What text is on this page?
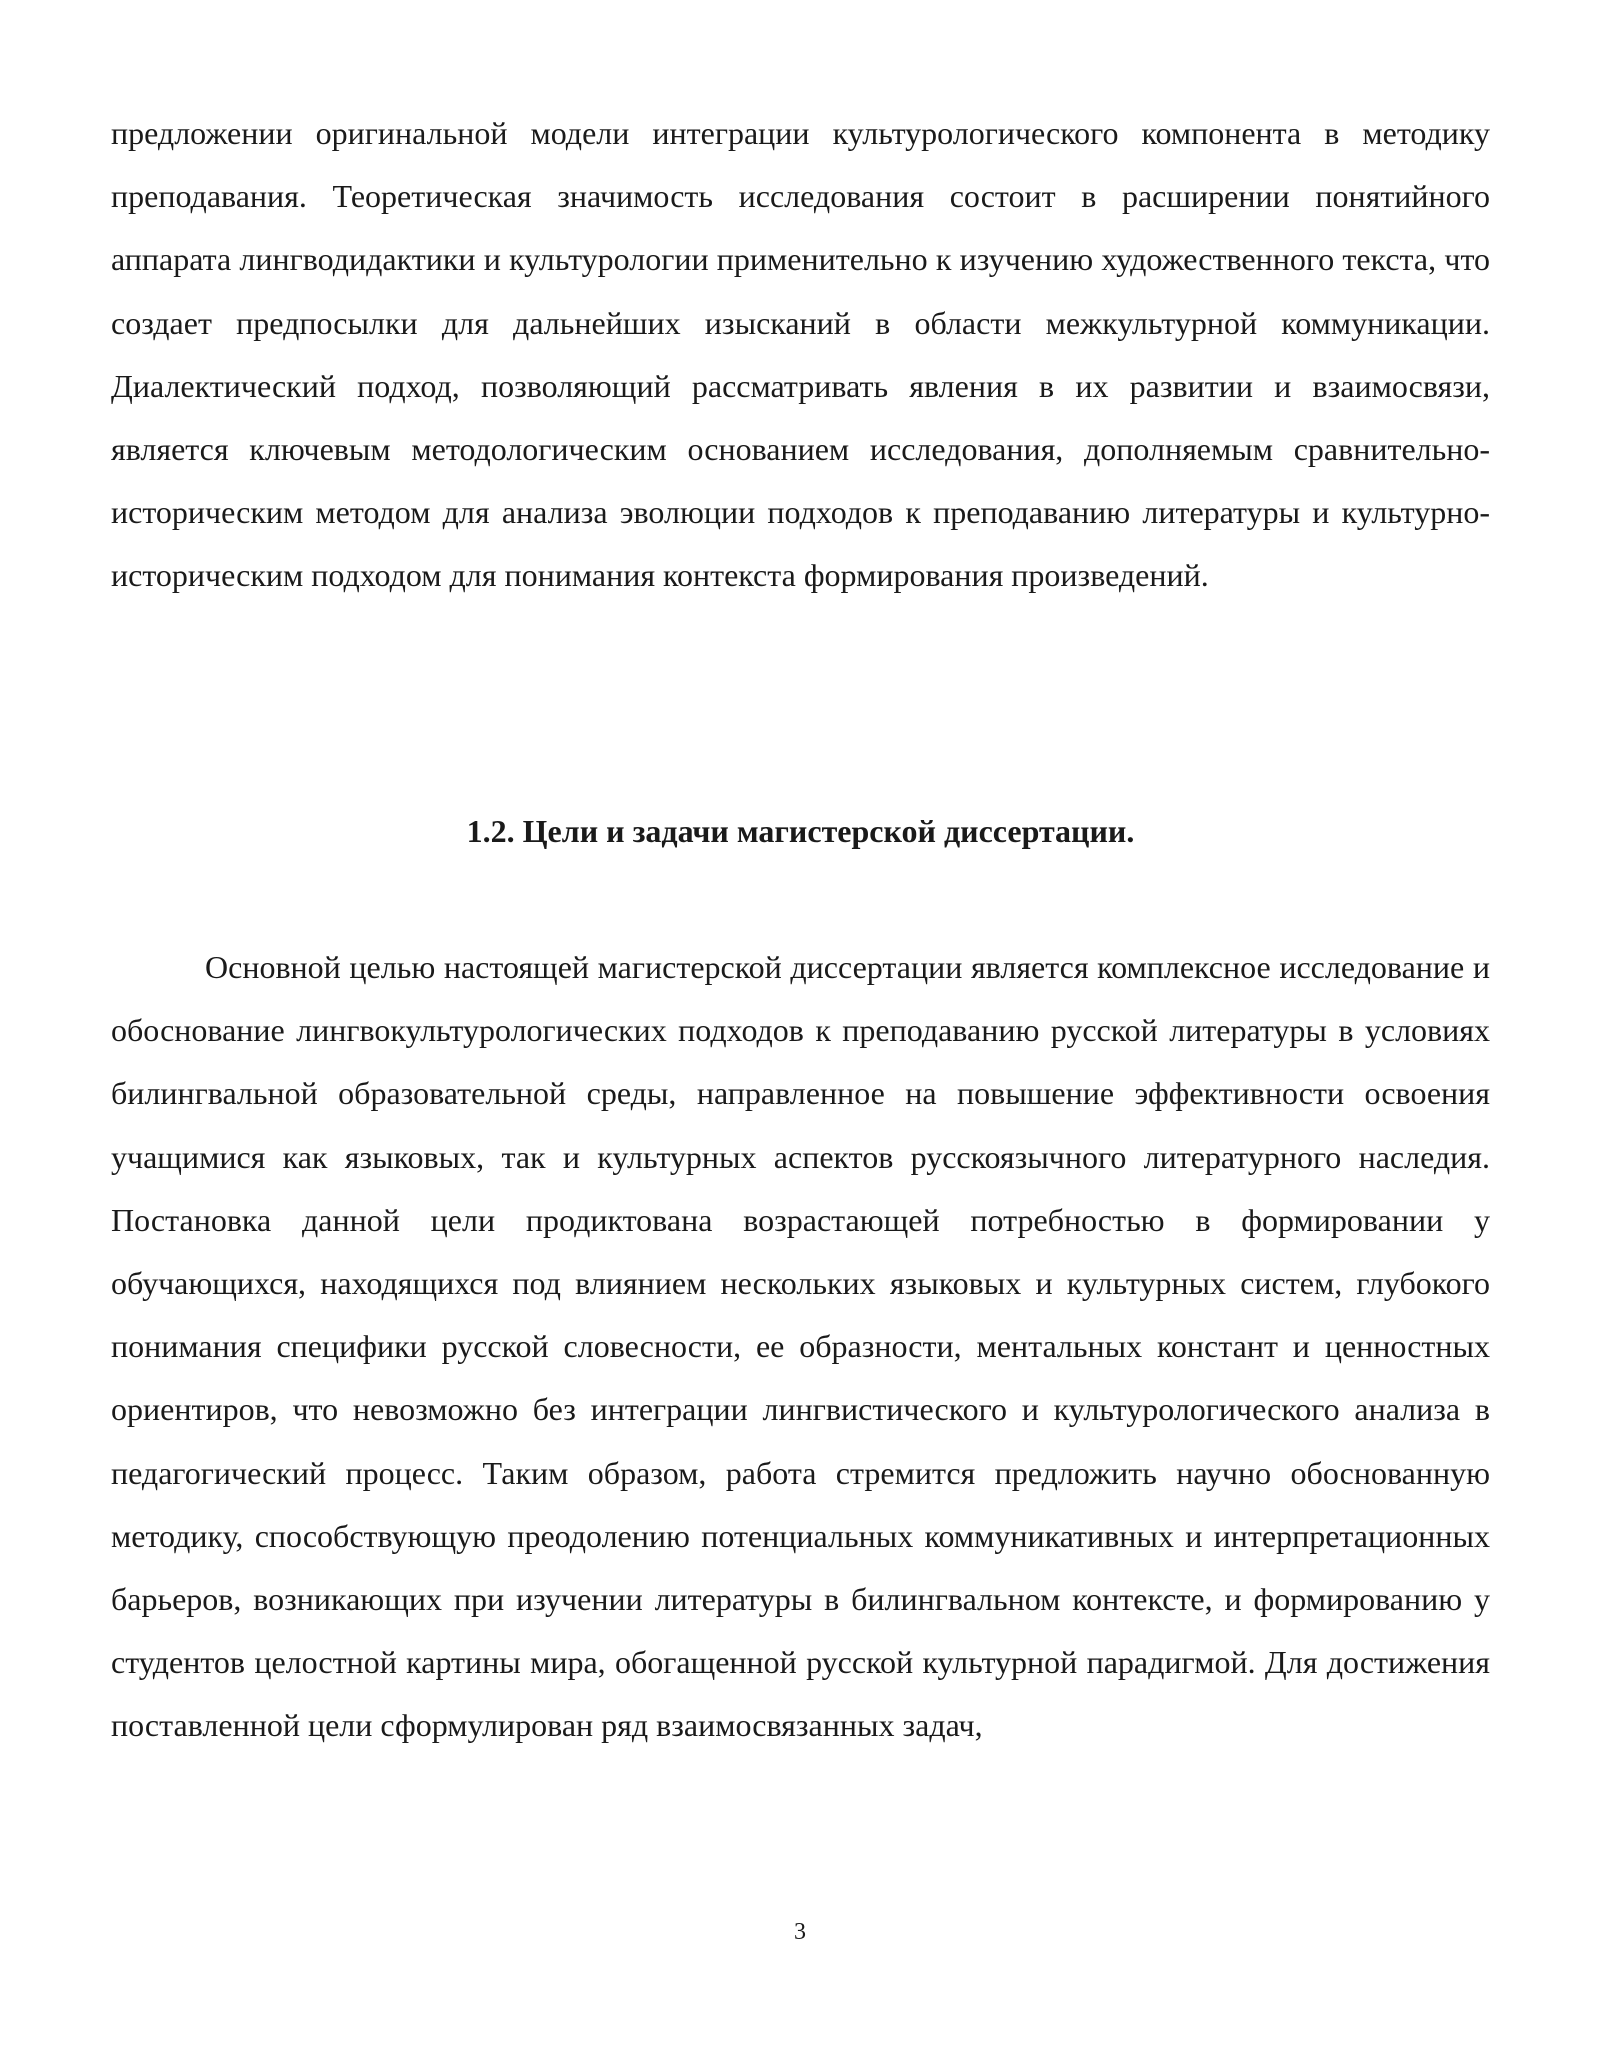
предложении оригинальной модели интеграции культурологического компонента в методику преподавания. Теоретическая значимость исследования состоит в расширении понятийного аппарата лингводидактики и культурологии применительно к изучению художественного текста, что создает предпосылки для дальнейших изысканий в области межкультурной коммуникации. Диалектический подход, позволяющий рассматривать явления в их развитии и взаимосвязи, является ключевым методологическим основанием исследования, дополняемым сравнительно-историческим методом для анализа эволюции подходов к преподаванию литературы и культурно-историческим подходом для понимания контекста формирования произведений.

1.2. Цели и задачи магистерской диссертации.

Основной целью настоящей магистерской диссертации является комплексное исследование и обоснование лингвокультурологических подходов к преподаванию русской литературы в условиях билингвальной образовательной среды, направленное на повышение эффективности освоения учащимися как языковых, так и культурных аспектов русскоязычного литературного наследия. Постановка данной цели продиктована возрастающей потребностью в формировании у обучающихся, находящихся под влиянием нескольких языковых и культурных систем, глубокого понимания специфики русской словесности, ее образности, ментальных констант и ценностных ориентиров, что невозможно без интеграции лингвистического и культурологического анализа в педагогический процесс. Таким образом, работа стремится предложить научно обоснованную методику, способствующую преодолению потенциальных коммуникативных и интерпретационных барьеров, возникающих при изучении литературы в билингвальном контексте, и формированию у студентов целостной картины мира, обогащенной русской культурной парадигмой. Для достижения поставленной цели сформулирован ряд взаимосвязанных задач,

3
